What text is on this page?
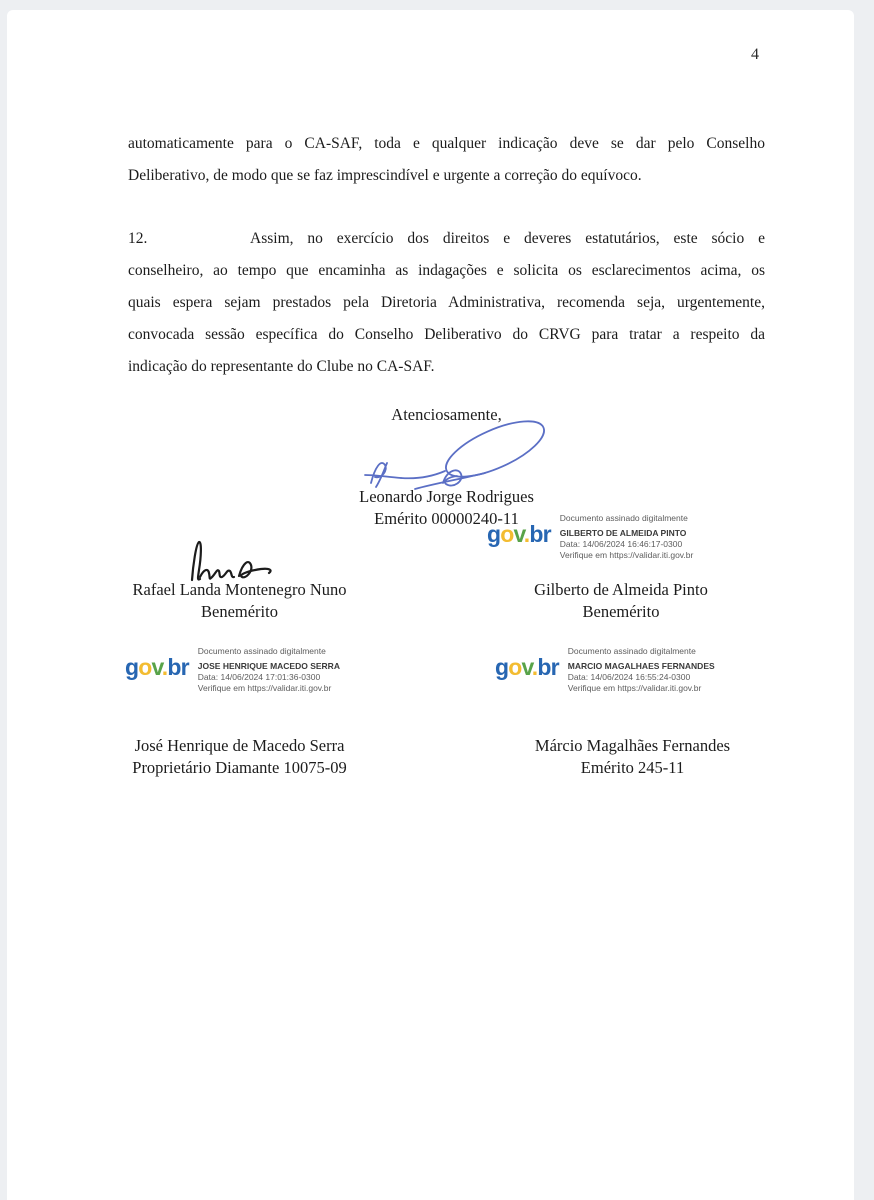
4
automaticamente para o CA-SAF, toda e qualquer indicação deve se dar pelo Conselho
Deliberativo, de modo que se faz imprescindível e urgente a correção do equívoco.
12.	Assim, no exercício dos direitos e deveres estatutários, este sócio e
conselheiro, ao tempo que encaminha as indagações e solicita os esclarecimentos acima, os
quais espera sejam prestados pela Diretoria Administrativa, recomenda seja, urgentemente,
convocada sessão específica do Conselho Deliberativo do CRVG para tratar a respeito da
indicação do representante do Clube no CA-SAF.
Atenciosamente,
Leonardo Jorge Rodrigues
Emérito 00000240-11
gov.br
Documento assinado digitalmente
GILBERTO DE ALMEIDA PINTO
Data: 14/06/2024 16:46:17-0300
Verifique em https://validar.iti.gov.br
Rafael Landa Montenegro Nuno
Benemérito
Gilberto de Almeida Pinto
Benemérito
gov.br
Documento assinado digitalmente
JOSE HENRIQUE MACEDO SERRA
Data: 14/06/2024 17:01:36-0300
Verifique em https://validar.iti.gov.br
gov.br
Documento assinado digitalmente
MARCIO MAGALHAES FERNANDES
Data: 14/06/2024 16:55:24-0300
Verifique em https://validar.iti.gov.br
José Henrique de Macedo Serra
Proprietário Diamante 10075-09
Márcio Magalhães Fernandes
Emérito 245-11
